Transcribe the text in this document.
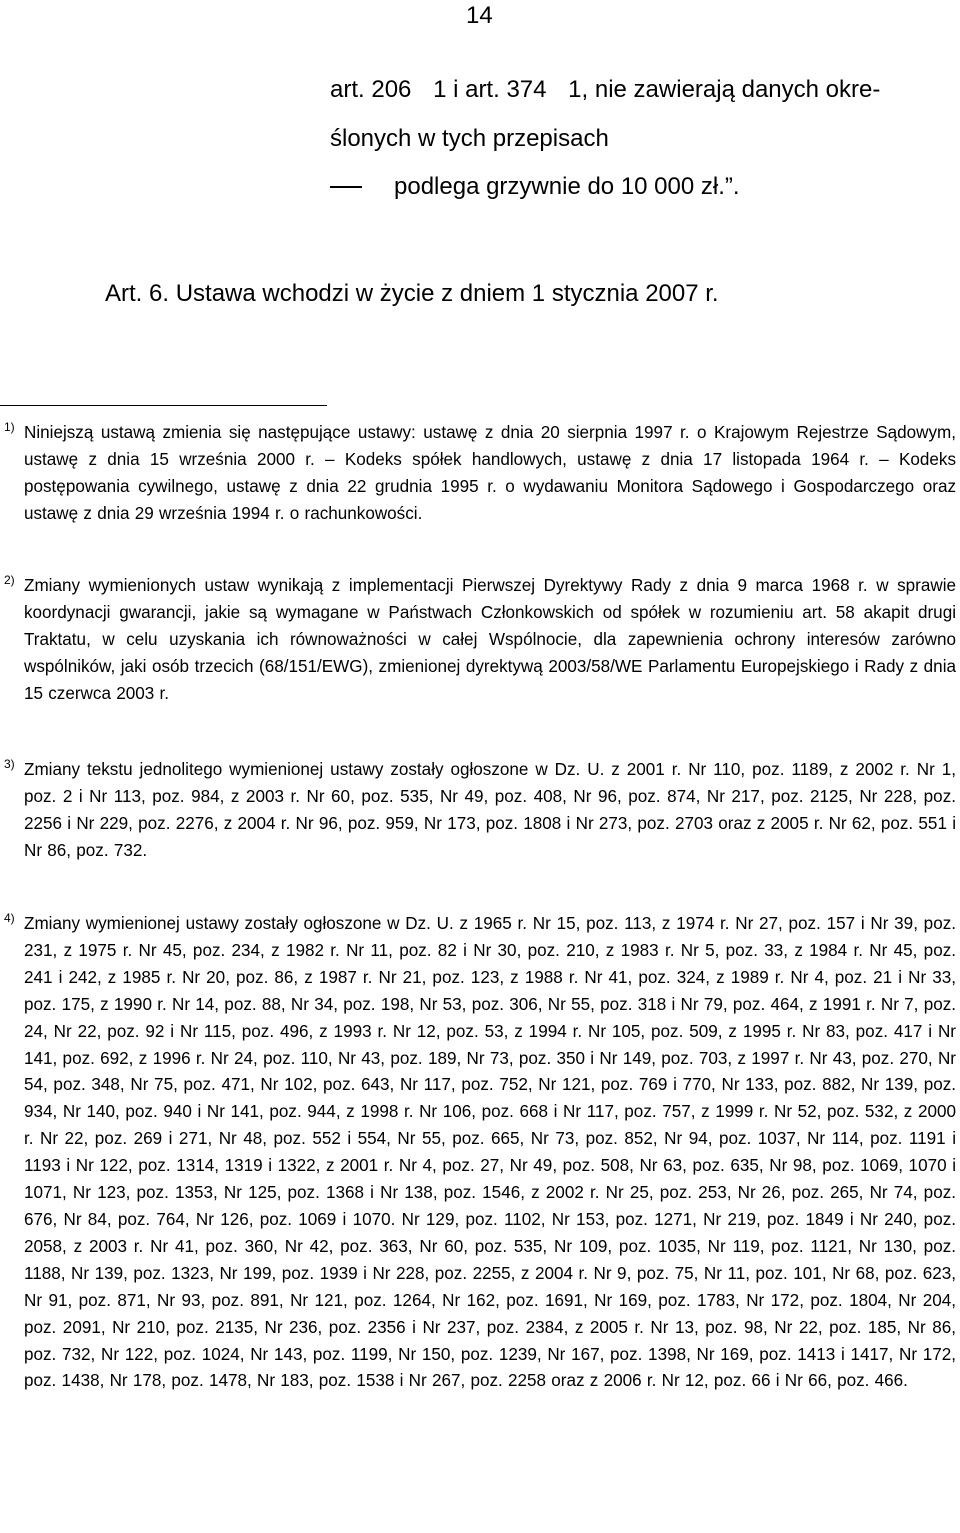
14
art. 206​    1 i art. 374​    1, nie zawierają danych okre-
ślonych w tych przepisach
podlega grzywnie do 10 000 zł.”.
Art. 6. Ustawa wchodzi w życie z dniem 1 stycznia 2007 r.
1) Niniejszą ustawą zmienia się następujące ustawy: ustawę z dnia 20 sierpnia 1997 r. o Krajowym Rejestrze Sądowym, ustawę z dnia 15 września 2000 r. – Kodeks spółek handlowych, ustawę z dnia 17 listopada 1964 r. – Kodeks postępowania cywilnego, ustawę z dnia 22 grudnia 1995 r. o wydawaniu Monitora Sądowego i Gospodarczego oraz ustawę z dnia 29 września 1994 r. o rachunkowości.
2) Zmiany wymienionych ustaw wynikają z implementacji Pierwszej Dyrektywy Rady z dnia 9 marca 1968 r. w sprawie koordynacji gwarancji, jakie są wymagane w Państwach Członkowskich od spółek w rozumieniu art. 58 akapit drugi Traktatu, w celu uzyskania ich równoważności w całej Wspólnocie, dla zapewnienia ochrony interesów zarówno wspólników, jaki osób trzecich (68/151/EWG), zmienionej dyrektywą 2003/58/WE Parlamentu Europejskiego i Rady z dnia 15 czerwca 2003 r.
3) Zmiany tekstu jednolitego wymienionej ustawy zostały ogłoszone w Dz. U. z 2001 r. Nr 110, poz. 1189, z 2002 r. Nr 1, poz. 2 i Nr 113, poz. 984, z 2003 r. Nr 60, poz. 535, Nr 49, poz. 408, Nr 96, poz. 874, Nr 217, poz. 2125, Nr 228, poz. 2256 i Nr 229, poz. 2276, z 2004 r. Nr 96, poz. 959, Nr 173, poz. 1808 i Nr 273, poz. 2703 oraz z 2005 r. Nr 62, poz. 551 i Nr 86, poz. 732.
4) Zmiany wymienionej ustawy zostały ogłoszone w Dz. U. z 1965 r. Nr 15, poz. 113, z 1974 r. Nr 27, poz. 157 i Nr 39, poz. 231, z 1975 r. Nr 45, poz. 234, z 1982 r. Nr 11, poz. 82 i Nr 30, poz. 210, z 1983 r. Nr 5, poz. 33, z 1984 r. Nr 45, poz. 241 i 242, z 1985 r. Nr 20, poz. 86, z 1987 r. Nr 21, poz. 123, z 1988 r. Nr 41, poz. 324, z 1989 r. Nr 4, poz. 21 i Nr 33, poz. 175, z 1990 r. Nr 14, poz. 88, Nr 34, poz. 198, Nr 53, poz. 306, Nr 55, poz. 318 i Nr 79, poz. 464, z 1991 r. Nr 7, poz. 24, Nr 22, poz. 92 i Nr 115, poz. 496, z 1993 r. Nr 12, poz. 53, z 1994 r. Nr 105, poz. 509, z 1995 r. Nr 83, poz. 417 i Nr 141, poz. 692, z 1996 r. Nr 24, poz. 110, Nr 43, poz. 189, Nr 73, poz. 350 i Nr 149, poz. 703, z 1997 r. Nr 43, poz. 270, Nr 54, poz. 348, Nr 75, poz. 471, Nr 102, poz. 643, Nr 117, poz. 752, Nr 121, poz. 769 i 770, Nr 133, poz. 882, Nr 139, poz. 934, Nr 140, poz. 940 i Nr 141, poz. 944, z 1998 r. Nr 106, poz. 668 i Nr 117, poz. 757, z 1999 r. Nr 52, poz. 532, z 2000 r. Nr 22, poz. 269 i 271, Nr 48, poz. 552 i 554, Nr 55, poz. 665, Nr 73, poz. 852, Nr 94, poz. 1037, Nr 114, poz. 1191 i 1193 i Nr 122, poz. 1314, 1319 i 1322, z 2001 r. Nr 4, poz. 27, Nr 49, poz. 508, Nr 63, poz. 635, Nr 98, poz. 1069, 1070 i 1071, Nr 123, poz. 1353, Nr 125, poz. 1368 i Nr 138, poz. 1546, z 2002 r. Nr 25, poz. 253, Nr 26, poz. 265, Nr 74, poz. 676, Nr 84, poz. 764, Nr 126, poz. 1069 i 1070. Nr 129, poz. 1102, Nr 153, poz. 1271, Nr 219, poz. 1849 i Nr 240, poz. 2058, z 2003 r. Nr 41, poz. 360, Nr 42, poz. 363, Nr 60, poz. 535, Nr 109, poz. 1035, Nr 119, poz. 1121, Nr 130, poz. 1188, Nr 139, poz. 1323, Nr 199, poz. 1939 i Nr 228, poz. 2255, z 2004 r. Nr 9, poz. 75, Nr 11, poz. 101, Nr 68, poz. 623, Nr 91, poz. 871, Nr 93, poz. 891, Nr 121, poz. 1264, Nr 162, poz. 1691, Nr 169, poz. 1783, Nr 172, poz. 1804, Nr 204, poz. 2091, Nr 210, poz. 2135, Nr 236, poz. 2356 i Nr 237, poz. 2384, z 2005 r. Nr 13, poz. 98, Nr 22, poz. 185, Nr 86, poz. 732, Nr 122, poz. 1024, Nr 143, poz. 1199, Nr 150, poz. 1239, Nr 167, poz. 1398, Nr 169, poz. 1413 i 1417, Nr 172, poz. 1438, Nr 178, poz. 1478, Nr 183, poz. 1538 i Nr 267, poz. 2258 oraz z 2006 r. Nr 12, poz. 66 i Nr 66, poz. 466.
